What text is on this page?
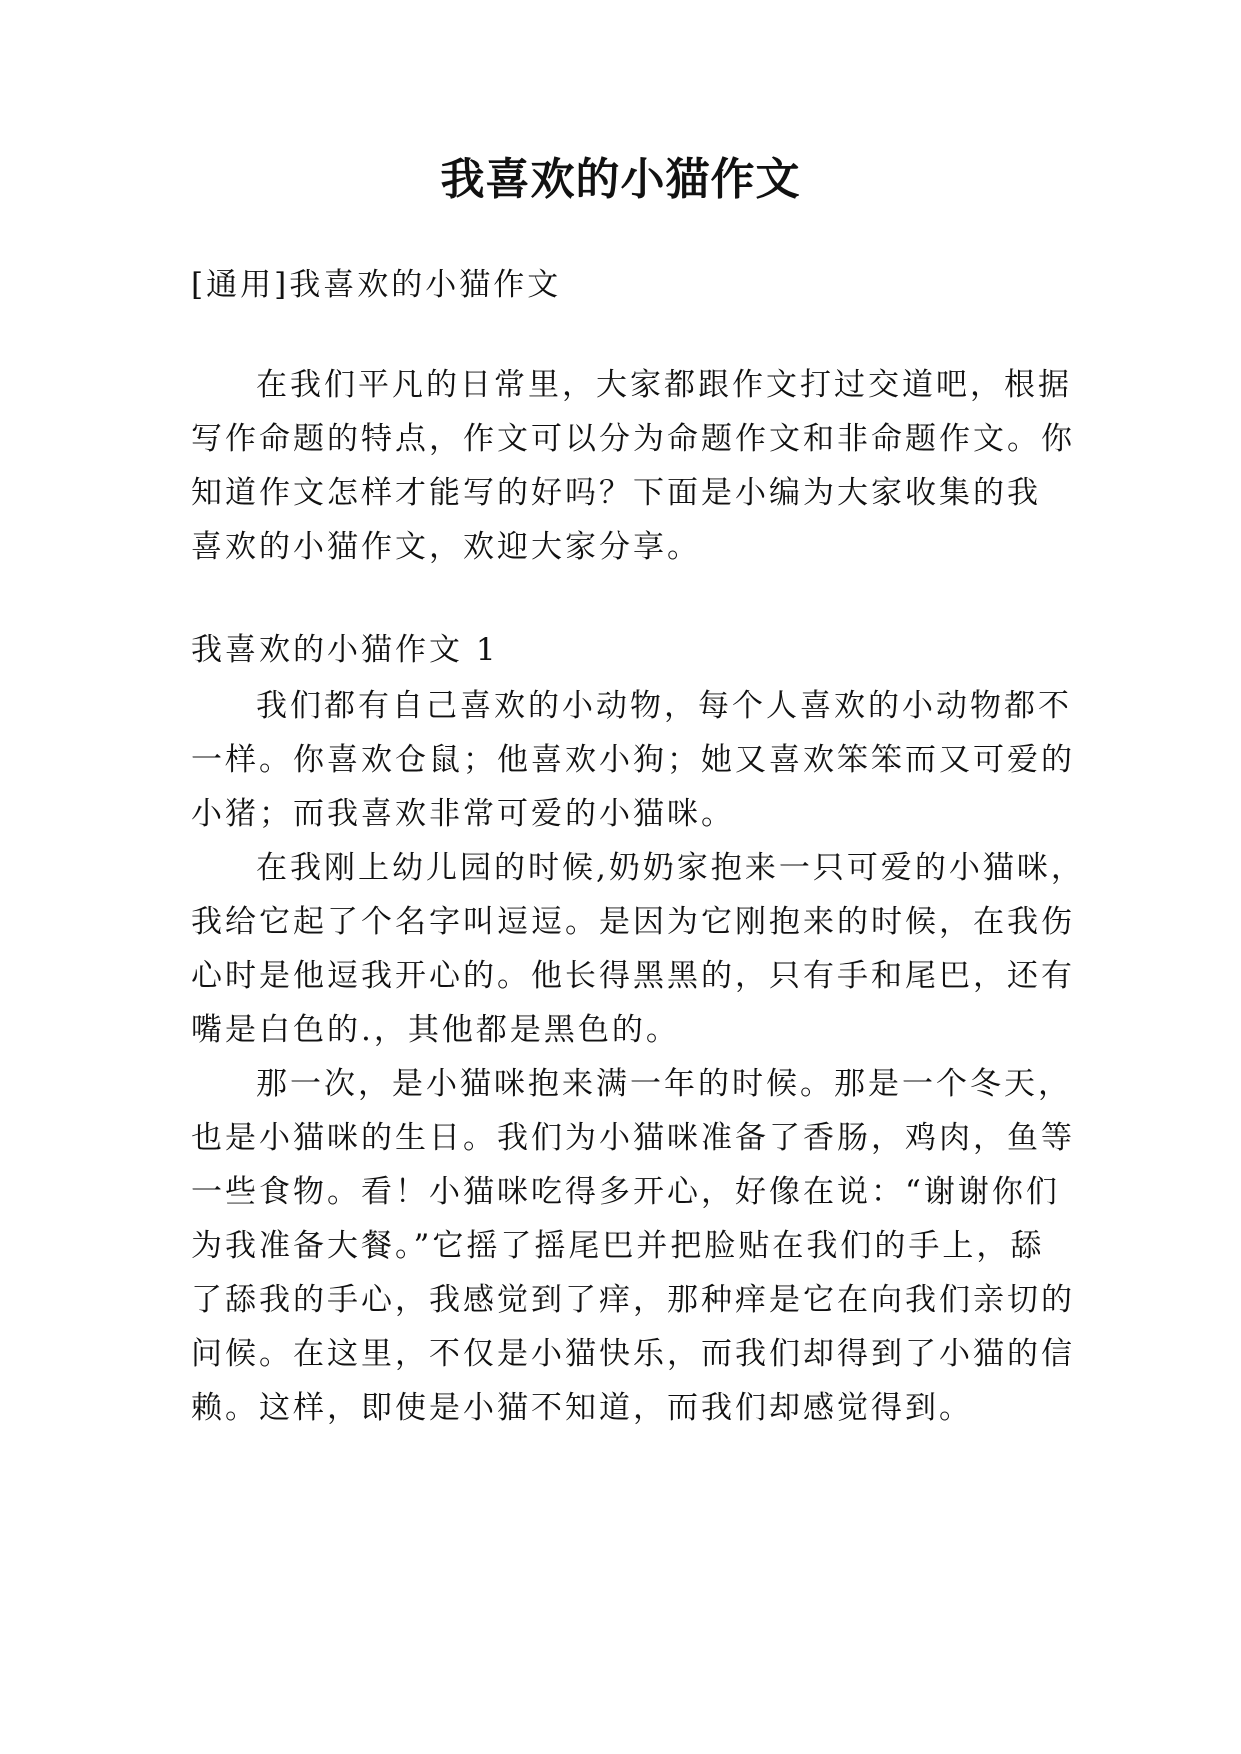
我喜欢的小猫作文
[通用]我喜欢的小猫作文
在我们平凡的日常里，大家都跟作文打过交道吧，根据
写作命题的特点，作文可以分为命题作文和非命题作文。你
知道作文怎样才能写的好吗？下面是小编为大家收集的我
喜欢的小猫作文，欢迎大家分享。
我喜欢的小猫作文 1
我们都有自己喜欢的小动物，每个人喜欢的小动物都不
一样。你喜欢仓鼠；他喜欢小狗；她又喜欢笨笨而又可爱的
小猪；而我喜欢非常可爱的小猫咪。
在我刚上幼儿园的时候,奶奶家抱来一只可爱的小猫咪，
我给它起了个名字叫逗逗。是因为它刚抱来的时候，在我伤
心时是他逗我开心的。他长得黑黑的，只有手和尾巴，还有
嘴是白色的.，其他都是黑色的。
那一次，是小猫咪抱来满一年的时候。那是一个冬天，
也是小猫咪的生日。我们为小猫咪准备了香肠，鸡肉，鱼等
一些食物。看！小猫咪吃得多开心，好像在说：“谢谢你们
为我准备大餐。”它摇了摇尾巴并把脸贴在我们的手上，舔
了舔我的手心，我感觉到了痒，那种痒是它在向我们亲切的
问候。在这里，不仅是小猫快乐，而我们却得到了小猫的信
赖。这样，即使是小猫不知道，而我们却感觉得到。
